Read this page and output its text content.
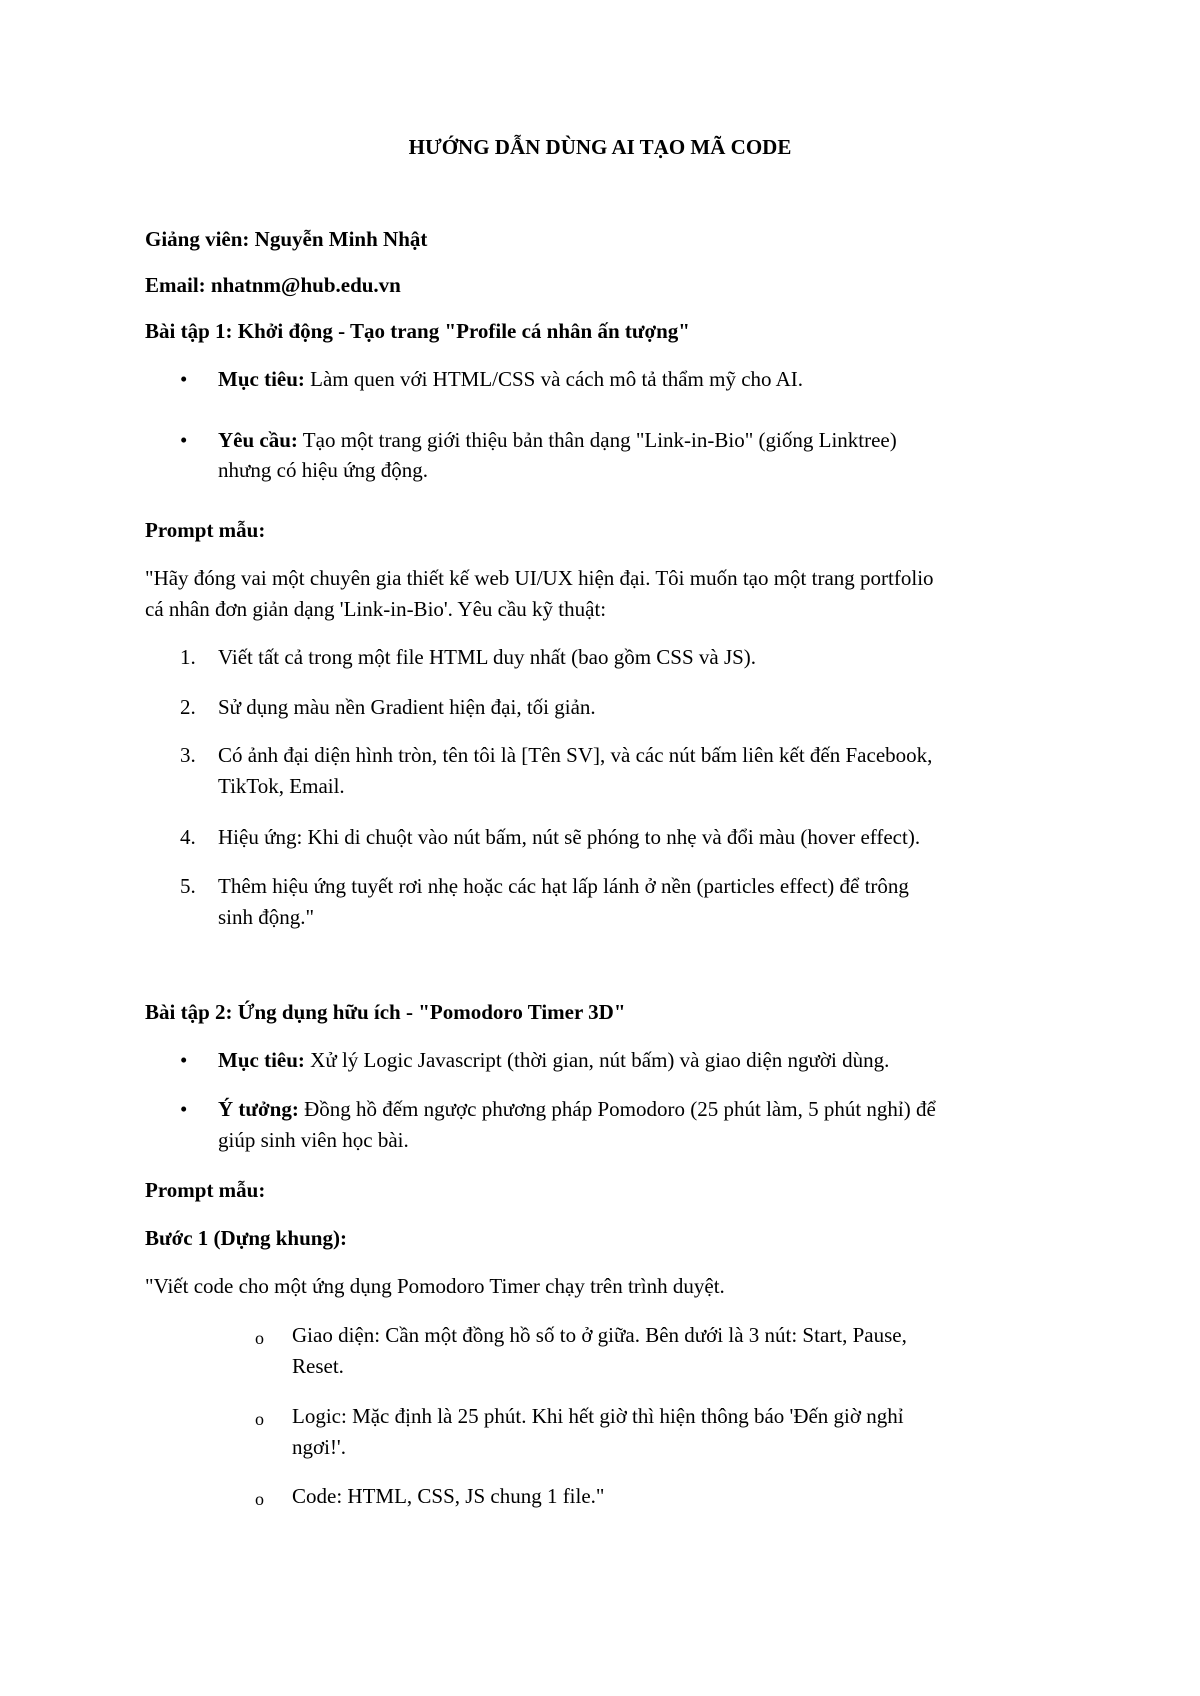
HƯỚNG DẪN DÙNG AI TẠO MÃ CODE
Giảng viên: Nguyễn Minh Nhật
Email: nhatnm@hub.edu.vn
Bài tập 1: Khởi động - Tạo trang "Profile cá nhân ấn tượng"
• Mục tiêu: Làm quen với HTML/CSS và cách mô tả thẩm mỹ cho AI.
• Yêu cầu: Tạo một trang giới thiệu bản thân dạng "Link-in-Bio" (giống Linktree)
nhưng có hiệu ứng động.
Prompt mẫu:
"Hãy đóng vai một chuyên gia thiết kế web UI/UX hiện đại. Tôi muốn tạo một trang portfolio
cá nhân đơn giản dạng 'Link-in-Bio'. Yêu cầu kỹ thuật:
1. Viết tất cả trong một file HTML duy nhất (bao gồm CSS và JS).
2. Sử dụng màu nền Gradient hiện đại, tối giản.
3. Có ảnh đại diện hình tròn, tên tôi là [Tên SV], và các nút bấm liên kết đến Facebook,
TikTok, Email.
4. Hiệu ứng: Khi di chuột vào nút bấm, nút sẽ phóng to nhẹ và đổi màu (hover effect).
5. Thêm hiệu ứng tuyết rơi nhẹ hoặc các hạt lấp lánh ở nền (particles effect) để trông
sinh động."
Bài tập 2: Ứng dụng hữu ích - "Pomodoro Timer 3D"
• Mục tiêu: Xử lý Logic Javascript (thời gian, nút bấm) và giao diện người dùng.
• Ý tưởng: Đồng hồ đếm ngược phương pháp Pomodoro (25 phút làm, 5 phút nghỉ) để
giúp sinh viên học bài.
Prompt mẫu:
Bước 1 (Dựng khung):
"Viết code cho một ứng dụng Pomodoro Timer chạy trên trình duyệt.
o Giao diện: Cần một đồng hồ số to ở giữa. Bên dưới là 3 nút: Start, Pause,
Reset.
o Logic: Mặc định là 25 phút. Khi hết giờ thì hiện thông báo 'Đến giờ nghỉ
ngơi!'.
o Code: HTML, CSS, JS chung 1 file."
